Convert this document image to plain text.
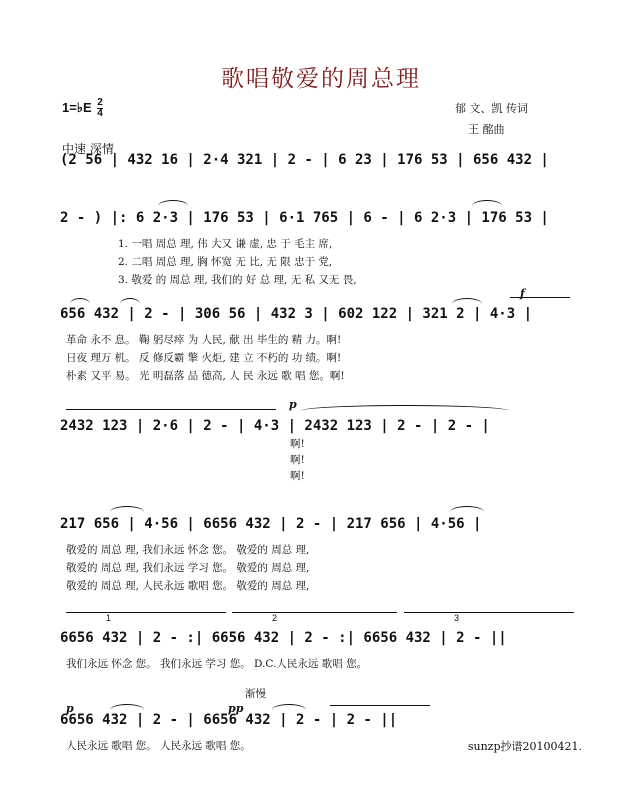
歌唱敬爱的周总理
1=♭E $\frac{2}{4}$	郁 文、凯 传词
王 酩曲
中速 深情
(2 56 | 432 16 | 2·4 321 | 2 - | 6 23 | 176 53 | 656 432 |
2 - ) |: 6 2·3 | 176 53 | 6·1 765 | 6 - | 6 2·3 | 176 53 |
1. 一唱 周总 理, 伟 大又 谦 虚, 忠 于 毛主 席,
2. 二唱 周总 理, 胸 怀宽 无 比, 无 限 忠于 党,
3. 敬爱 的 周总 理, 我们的 好 总 理, 无 私 又无 畏,
f
656 432 | 2 - | 306 56 | 432 3 | 602 122 | 321 2 | 4·3 |
革命 永不 息。 鞠 躬尽瘁 为 人民, 献 出 毕生的 精 力。啊!
日夜 理万 机。 反 修反霸 擎 火炬, 建 立 不朽的 功 绩。啊!
朴素 又平 易。 光 明磊落 品 德高, 人 民 永远 歌 唱 您。啊!
p
2432 123 | 2·6 | 2 - | 4·3 | 2432 123 | 2 - | 2 - |
啊!
啊!
啊!
217 656 | 4·56 | 6656 432 | 2 - | 217 656 | 4·56 |
敬爱的 周总 理, 我们永远 怀念 您。 敬爱的 周总 理,
敬爱的 周总 理, 我们永远 学习 您。 敬爱的 周总 理,
敬爱的 周总 理, 人民永远 歌唱 您。 敬爱的 周总 理,
1	2	3
6656 432 | 2 - :| 6656 432 | 2 - :| 6656 432 | 2 - ||
我们永远 怀念 您。 我们永远 学习 您。 D.C.人民永远 歌唱 您。
渐慢
p	pp
6656 432 | 2 - | 6656 432 | 2 - | 2 - ||
人民永远 歌唱 您。 人民永远 歌唱 您。	sunzp抄谱20100421.
